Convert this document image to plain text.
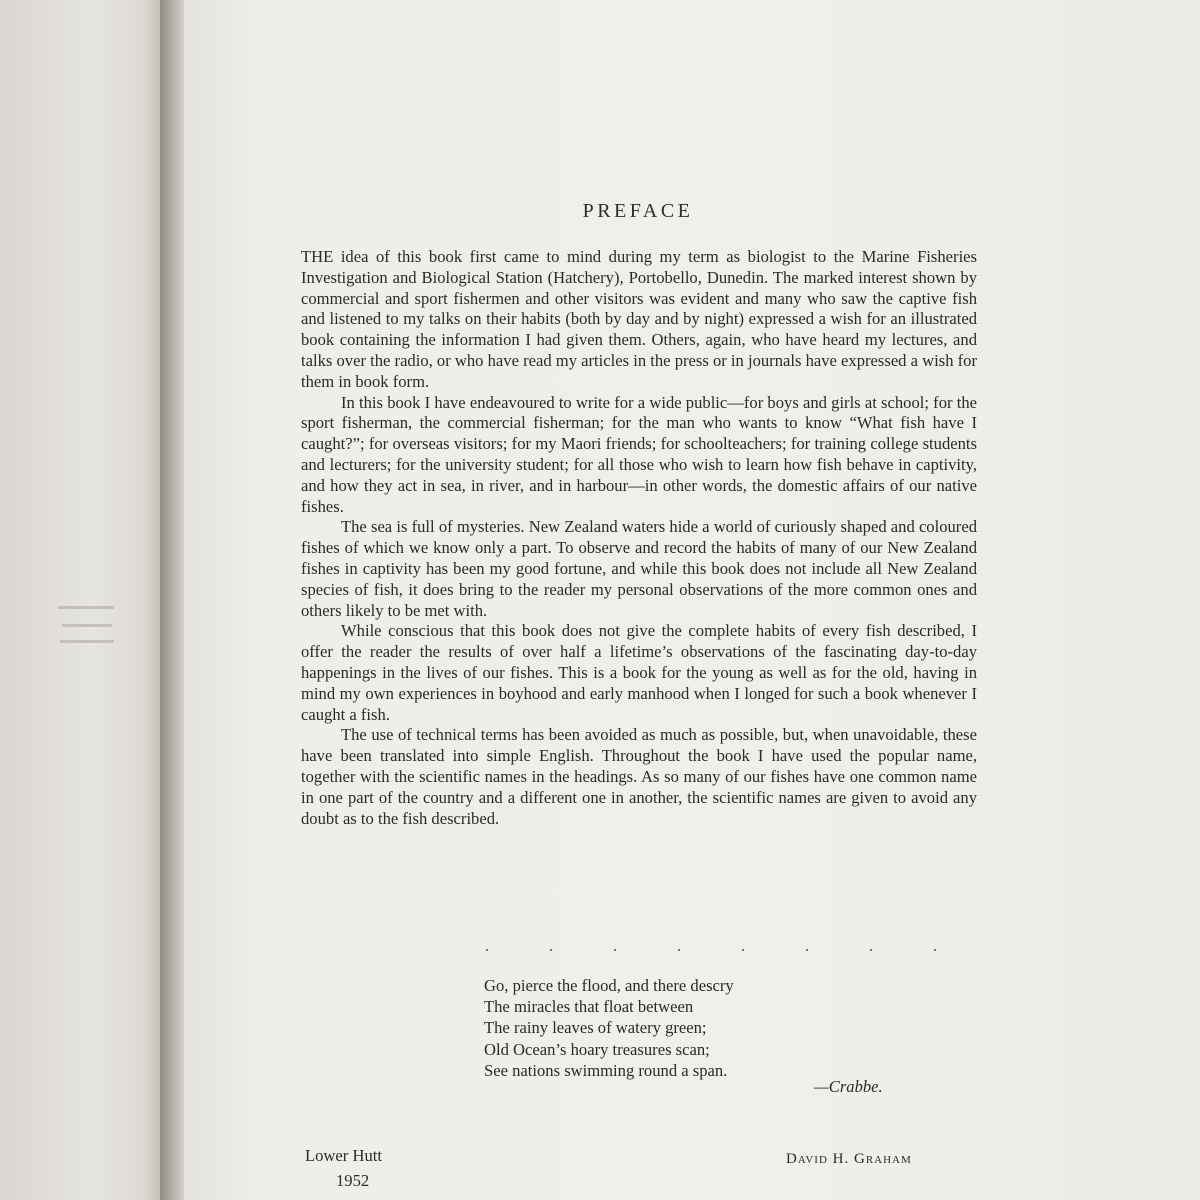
PREFACE

THE idea of this book first came to mind during my term as biologist to the Marine Fisheries Investigation and Biological Station (Hatchery), Portobello, Dunedin. The marked interest shown by commercial and sport fishermen and other visitors was evident and many who saw the captive fish and listened to my talks on their habits (both by day and by night) expressed a wish for an illustrated book containing the information I had given them. Others, again, who have heard my lectures, and talks over the radio, or who have read my articles in the press or in journals have expressed a wish for them in book form.

In this book I have endeavoured to write for a wide public—for boys and girls at school; for the sport fisherman, the commercial fisherman; for the man who wants to know “What fish have I caught?”; for overseas visitors; for my Maori friends; for schoolteachers; for training college students and lecturers; for the university student; for all those who wish to learn how fish behave in captivity, and how they act in sea, in river, and in harbour—in other words, the domestic affairs of our native fishes.

The sea is full of mysteries. New Zealand waters hide a world of curiously shaped and coloured fishes of which we know only a part. To observe and record the habits of many of our New Zealand fishes in captivity has been my good fortune, and while this book does not include all New Zealand species of fish, it does bring to the reader my personal observations of the more common ones and others likely to be met with.

While conscious that this book does not give the complete habits of every fish described, I offer the reader the results of over half a lifetime’s observations of the fascinating day-to-day happenings in the lives of our fishes. This is a book for the young as well as for the old, having in mind my own experiences in boyhood and early manhood when I longed for such a book whenever I caught a fish.

The use of technical terms has been avoided as much as possible, but, when unavoidable, these have been translated into simple English. Throughout the book I have used the popular name, together with the scientific names in the headings. As so many of our fishes have one common name in one part of the country and a different one in another, the scientific names are given to avoid any doubt as to the fish described.

. . . . . . . .
Go, pierce the flood, and there descry
The miracles that float between
The rainy leaves of watery green;
Old Ocean’s hoary treasures scan;
See nations swimming round a span.
—Crabbe.
David H. Graham
Lower Hutt
1952
